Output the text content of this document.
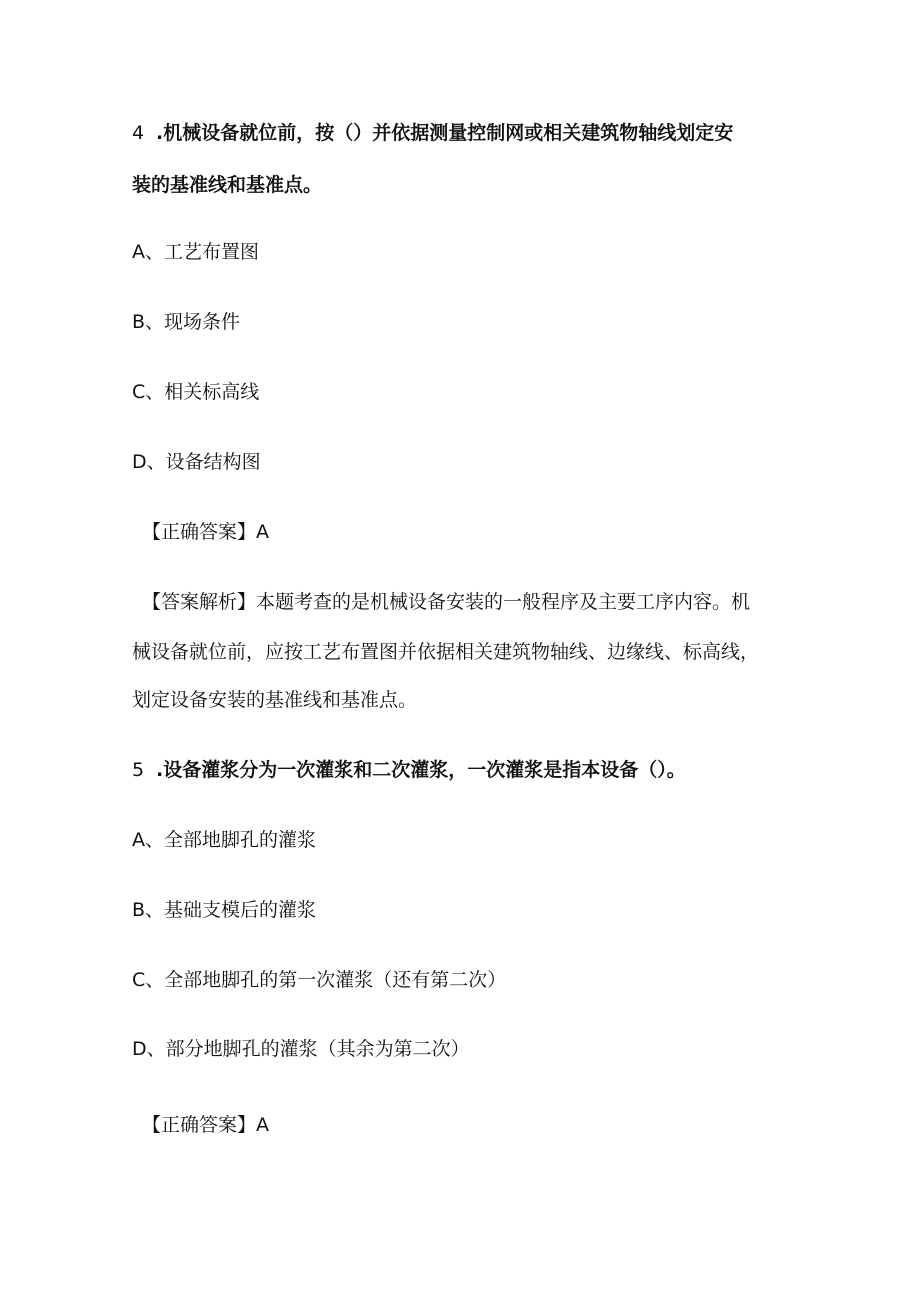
4 .机械设备就位前，按（）并依据测量控制网或相关建筑物轴线划定安
装的基准线和基准点。
A、工艺布置图
B、现场条件
C、相关标高线
D、设备结构图
【正确答案】A
【答案解析】本题考查的是机械设备安装的一般程序及主要工序内容。机
械设备就位前，应按工艺布置图并依据相关建筑物轴线、边缘线、标高线，
划定设备安装的基准线和基准点。
5 .设备灌浆分为一次灌浆和二次灌浆，一次灌浆是指本设备（）。
A、全部地脚孔的灌浆
B、基础支模后的灌浆
C、全部地脚孔的第一次灌浆（还有第二次）
D、部分地脚孔的灌浆（其余为第二次）
【正确答案】A
